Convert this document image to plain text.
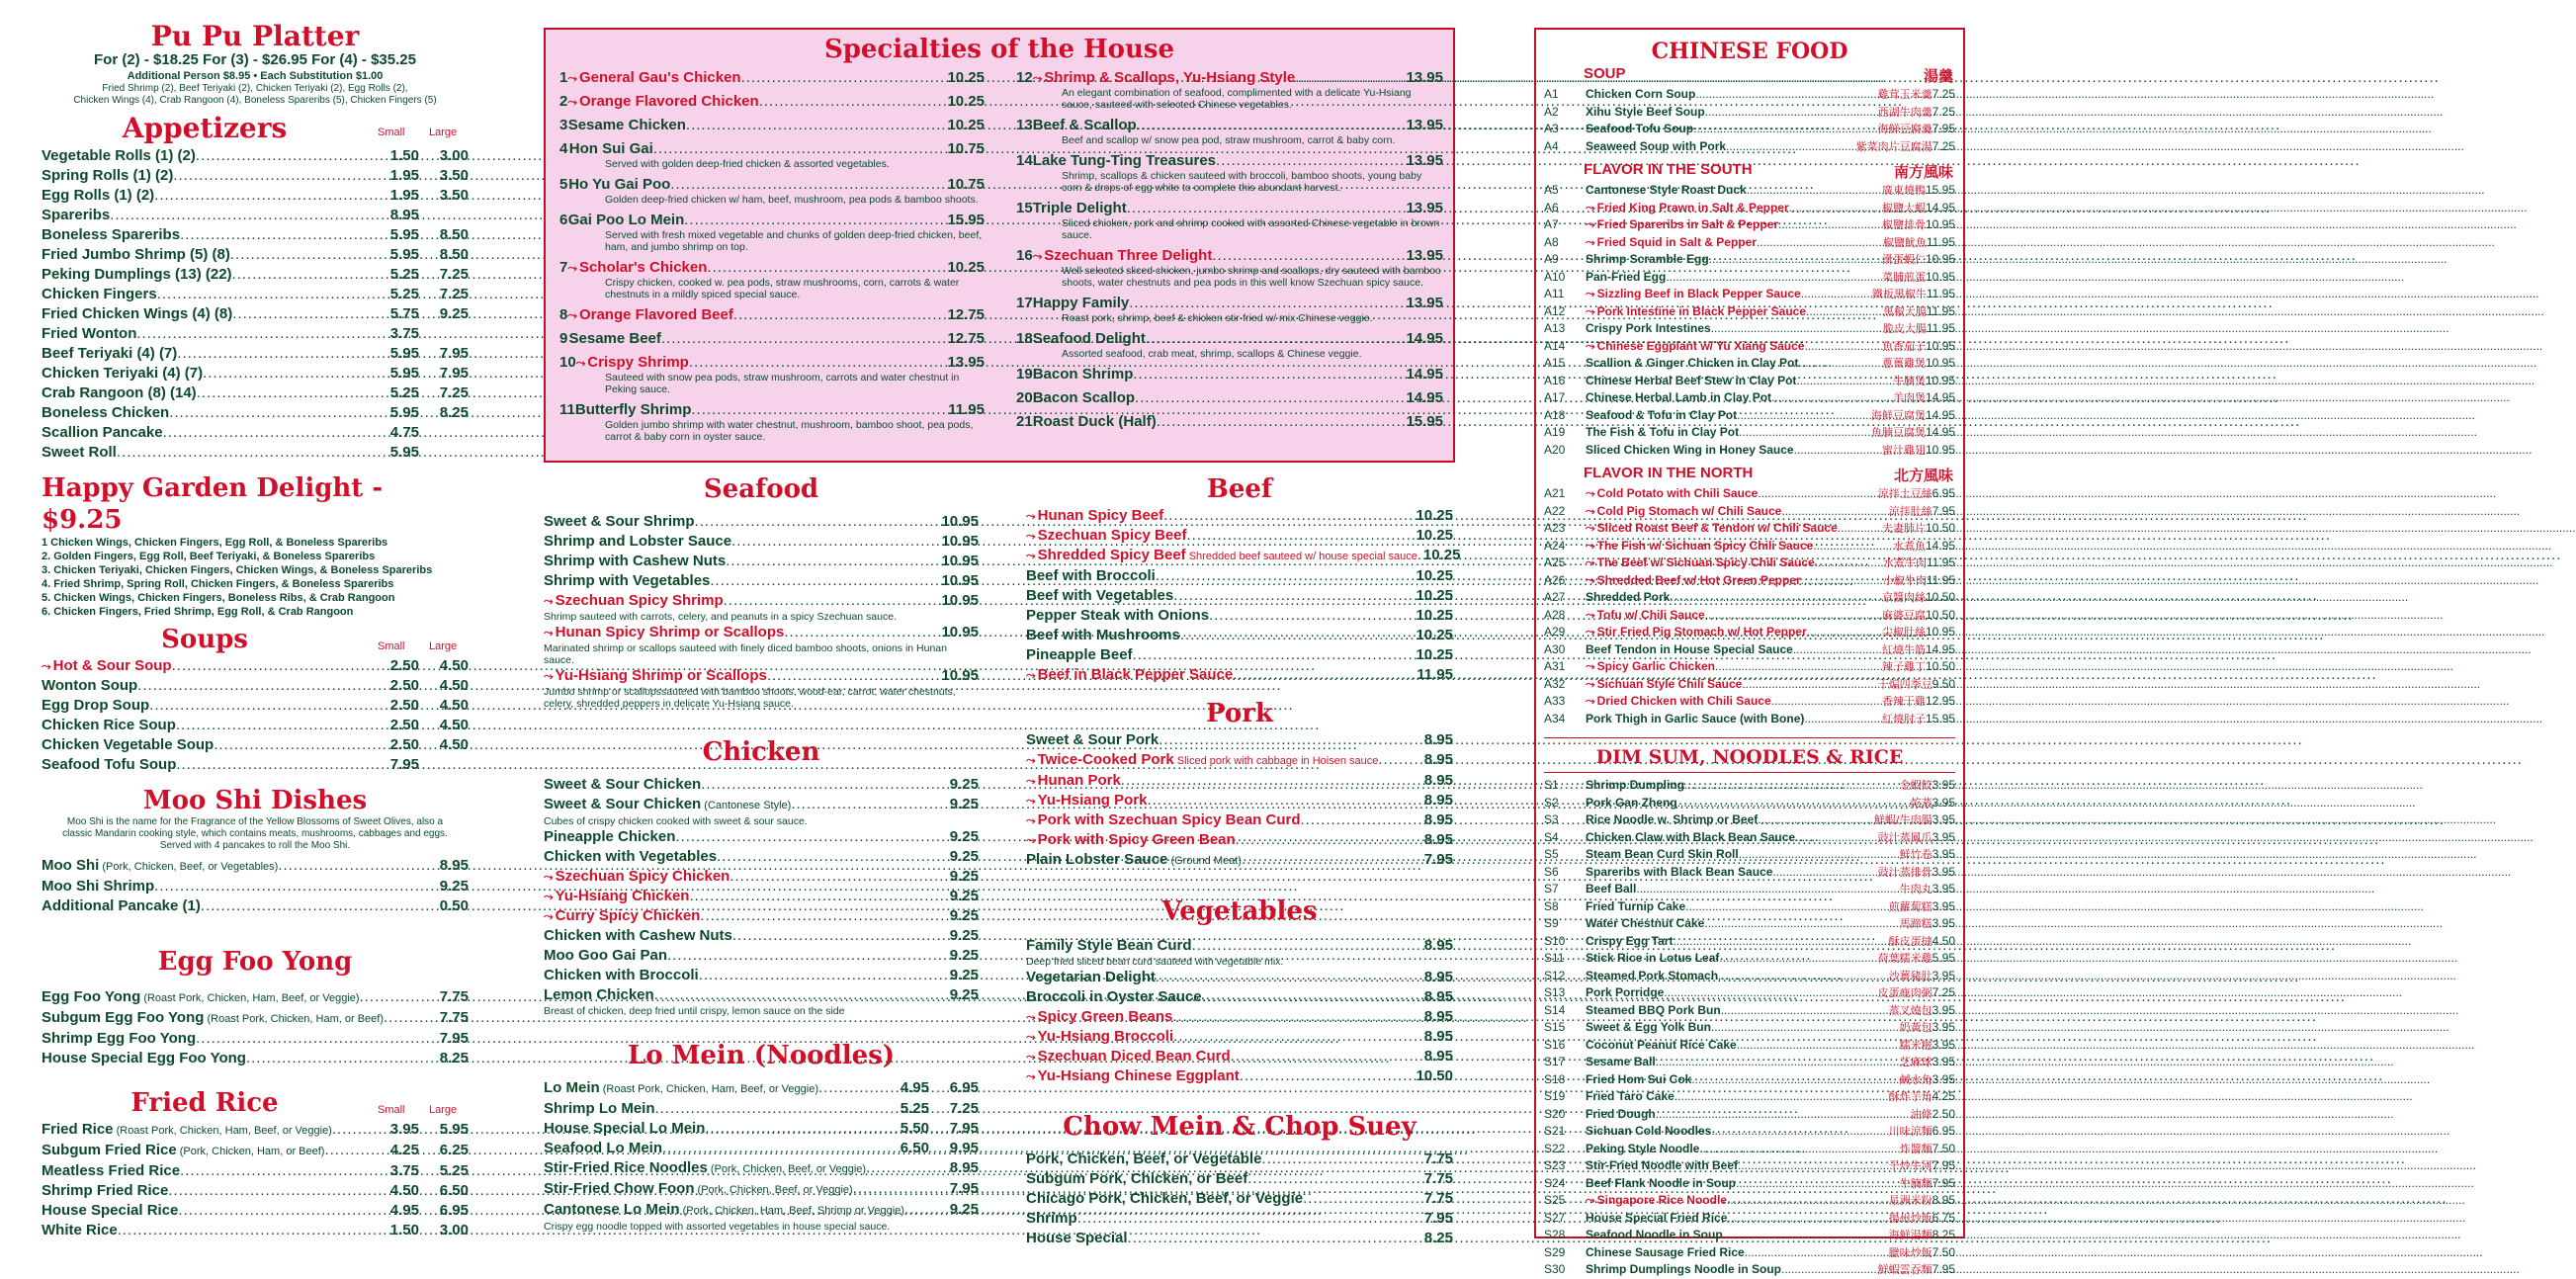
Pu Pu Platter
For (2) - $18.25 For (3) - $26.95 For (4) - $35.25
Additional Person $8.95 • Each Substitution $1.00
Fried Shrimp (2), Beef Teriyaki (2), Chicken Teriyaki (2), Egg Rolls (2),
Chicken Wings (4), Crab Rangoon (4), Boneless Spareribs (5), Chicken Fingers (5)
Appetizers	Small Large
Vegetable Rolls (1) (2) .....	1.50	3.00
Spring Rolls (1) (2) .....	1.95	3.50
Egg Rolls (1) (2) .....	1.95	3.50
Spareribs .....	8.95
Boneless Spareribs .....	5.95	8.50
Fried Jumbo Shrimp (5) (8) .....	5.95	8.50
Peking Dumplings (13) (22) .....	5.25	7.25
Chicken Fingers .....	5.25	7.25
Fried Chicken Wings (4) (8) .....	5.75	9.25
Fried Wonton .....	3.75
Beef Teriyaki (4) (7) .....	5.95	7.95
Chicken Teriyaki (4) (7) .....	5.95	7.95
Crab Rangoon (8) (14) .....	5.25	7.25
Boneless Chicken .....	5.95	8.25
Scallion Pancake .....	4.75
Sweet Roll .....	5.95
Happy Garden Delight - $9.25
1 Chicken Wings, Chicken Fingers, Egg Roll, & Boneless Spareribs
2. Golden Fingers, Egg Roll, Beef Teriyaki, & Boneless Spareribs
3. Chicken Teriyaki, Chicken Fingers, Chicken Wings, & Boneless Spareribs
4. Fried Shrimp, Spring Roll, Chicken Fingers, & Boneless Spareribs
5. Chicken Wings, Chicken Fingers, Boneless Ribs, & Crab Rangoon
6. Chicken Fingers, Fried Shrimp, Egg Roll, & Crab Rangoon
Soups	Small Large
⤳ Hot & Sour Soup .....	2.50	4.50
Wonton Soup .....	2.50	4.50
Egg Drop Soup .....	2.50	4.50
Chicken Rice Soup .....	2.50	4.50
Chicken Vegetable Soup .....	2.50	4.50
Seafood Tofu Soup .....	7.95
Moo Shi Dishes
Moo Shi is the name for the Fragrance of the Yellow Blossoms of Sweet Olives, also a classic Mandarin cooking style, which contains meats, mushrooms, cabbages and eggs. Served with 4 pancakes to roll the Moo Shi.
Moo Shi (Pork, Chicken, Beef, or Vegetables) .....	8.95
Moo Shi Shrimp .....	9.25
Additional Pancake (1) .....	0.50
Egg Foo Yong
Egg Foo Yong (Roast Pork, Chicken, Ham, Beef, or Veggie) .....	7.75
Subgum Egg Foo Yong (Roast Pork, Chicken, Ham, or Beef) .....	7.75
Shrimp Egg Foo Yong .....	7.95
House Special Egg Foo Yong .....	8.25
Fried Rice	Small Large
Fried Rice (Roast Pork, Chicken, Ham, Beef, or Veggie) .....	3.95	5.95
Subgum Fried Rice (Pork, Chicken, Ham, or Beef) .....	4.25	6.25
Meatless Fried Rice .....	3.75	5.25
Shrimp Fried Rice .....	4.50	6.50
House Special Rice .....	4.95	6.95
White Rice .....	1.50	3.00
Specialties of the House
1 ⤳ General Gau's Chicken .....	10.25
2 ⤳ Orange Flavored Chicken .....	10.25
3 Sesame Chicken .....	10.25
4 Hon Sui Gai .....	10.75
Served with golden deep-fried chicken & assorted vegetables.
5 Ho Yu Gai Poo .....	10.75
Golden deep-fried chicken w/ ham, beef, mushroom, pea pods & bamboo shoots.
6 Gai Poo Lo Mein .....	15.95
Served with fresh mixed vegetable and chunks of golden deep-fried chicken, beef, ham, and jumbo shrimp on top.
7 ⤳ Scholar's Chicken .....	10.25
Crispy chicken, cooked w. pea pods, straw mushrooms, corn, carrots & water chestnuts in a mildly spiced special sauce.
8 ⤳ Orange Flavored Beef .....	12.75
9 Sesame Beef .....	12.75
10 ⤳ Crispy Shrimp .....	13.95
Sauteed with snow pea pods, straw mushroom, carrots and water chestnut in Peking sauce.
11 Butterfly Shrimp .....	11.95
Golden jumbo shrimp with water chestnut, mushroom, bamboo shoot, pea pods, carrot & baby corn in oyster sauce.
12 ⤳ Shrimp & Scallops, Yu-Hsiang Style .....	13.95
An elegant combination of seafood, complimented with a delicate Yu-Hsiang sauce, sauteed with selected Chinese vegetables.
13 Beef & Scallop .....	13.95
Beef and scallop w/ snow pea pod, straw mushroom, carrot & baby corn.
14 Lake Tung-Ting Treasures .....	13.95
Shrimp, scallops & chicken sauteed with broccoli, bamboo shoots, young baby corn & drops of egg white to complete this abundant harvest.
15 Triple Delight .....	13.95
Sliced chicken, pork and shrimp cooked with assorted Chinese vegetable in brown sauce.
16 ⤳ Szechuan Three Delight .....	13.95
Well selected sliced chicken, jumbo shrimp and scallops, dry sauteed with bamboo shoots, water chestnuts and pea pods in this well know Szechuan spicy sauce.
17 Happy Family .....	13.95
Roast pork, shrimp, beef & chicken stir-fried w/ mix Chinese veggie.
18 Seafood Delight .....	14.95
Assorted seafood, crab meat, shrimp, scallops & Chinese veggie.
19 Bacon Shrimp .....	14.95
20 Bacon Scallop .....	14.95
21 Roast Duck (Half) .....	15.95
Seafood
Sweet & Sour Shrimp .....	10.95
Shrimp and Lobster Sauce .....	10.95
Shrimp with Cashew Nuts .....	10.95
Shrimp with Vegetables .....	10.95
⤳ Szechuan Spicy Shrimp .....	10.95
Shrimp sauteed with carrots, celery, and peanuts in a spicy Szechuan sauce.
⤳ Hunan Spicy Shrimp or Scallops .....	10.95
Marinated shrimp or scallops sauteed with finely diced bamboo shoots, onions in Hunan sauce.
⤳ Yu-Hsiang Shrimp or Scallops .....	10.95
Jumbo shrimp or scallopssauteed with bamboo shoots, wood-ear, carrot, water chestnuts, celery, shredded peppers in delicate Yu-Hsiang sauce.
Chicken
Sweet & Sour Chicken .....	9.25
Sweet & Sour Chicken (Cantonese Style) .....	9.25
Cubes of crispy chicken cooked with sweet & sour sauce.
Pineapple Chicken .....	9.25
Chicken with Vegetables .....	9.25
⤳ Szechuan Spicy Chicken .....	9.25
⤳ Yu-Hsiang Chicken .....	9.25
⤳ Curry Spicy Chicken .....	9.25
Chicken with Cashew Nuts .....	9.25
Moo Goo Gai Pan .....	9.25
Chicken with Broccoli .....	9.25
Lemon Chicken .....	9.25
Breast of chicken, deep fried until crispy, lemon sauce on the side
Lo Mein (Noodles)
Lo Mein (Roast Pork, Chicken, Ham, Beef, or Veggie) .....	4.95	6.95
Shrimp Lo Mein .....	5.25	7.25
House Special Lo Mein .....	5.50	7.95
Seafood Lo Mein .....	6.50	9.95
Stir-Fried Rice Noodles (Pork, Chicken, Beef, or Veggie) .....	8.95
Stir-Fried Chow Foon (Pork, Chicken, Beef, or Veggie) .....	7.95
Cantonese Lo Mein (Pork, Chicken, Ham, Beef, Shrimp or Veggie) .....	9.25
Crispy egg noodle topped with assorted vegetables in house special sauce.
Beef
⤳ Hunan Spicy Beef .....	10.25
⤳ Szechuan Spicy Beef .....	10.25
⤳ Shredded Spicy Beef Shredded beef sauteed w/ house special sauce ..... 10.25
Beef with Broccoli .....	10.25
Beef with Vegetables .....	10.25
Pepper Steak with Onions .....	10.25
Beef with Mushrooms .....	10.25
Pineapple Beef .....	10.25
⤳ Beef in Black Pepper Sauce .....	11.95
Pork
Sweet & Sour Pork .....	8.95
⤳ Twice-Cooked Pork Sliced pork with cabbage in Hoisen sauce .....	8.95
⤳ Hunan Pork .....	8.95
⤳ Yu-Hsiang Pork .....	8.95
⤳ Pork with Szechuan Spicy Bean Curd .....	8.95
⤳ Pork with Spicy Green Bean .....	8.95
Plain Lobster Sauce (Ground Meat) .....	7.95
Vegetables
Family Style Bean Curd .....	8.95
Deep fried sliced bean curd sauteed with vegetable mix.
Vegetarian Delight .....	8.95
Broccoli in Oyster Sauce .....	8.95
⤳ Spicy Green Beans .....	8.95
⤳ Yu-Hsiang Broccoli .....	8.95
⤳ Szechuan Diced Bean Curd .....	8.95
⤳ Yu-Hsiang Chinese Eggplant .....	10.50
Chow Mein & Chop Suey
Pork, Chicken, Beef, or Vegetable .....	7.75
Subgum Pork, Chicken, or Beef .....	7.75
Chicago Pork, Chicken, Beef, or Veggie .....	7.75
Shrimp .....	7.95
House Special .....	8.25
CHINESE FOOD
SOUP	湯羹
A1	Chicken Corn Soup .....	雞茸玉米羹 7.25
A2	Xihu Style Beef Soup .....	西湖牛肉羹 7.25
A3	Seafood Tofu Soup .....	海鮮豆腐羹 7.95
A4	Seaweed Soup with Pork .....	紫菜肉片豆腐湯 7.25
FLAVOR IN THE SOUTH	南方風味
A5	Cantonese Style Roast Duck .....	廣東燒鴨 15.95
A6	⤳ Fried King Prawn in Salt & Pepper .....	椒鹽大蝦 14.95
A7	⤳ Fried Spareribs in Salt & Pepper .....	椒鹽排骨 10.95
A8	⤳ Fried Squid in Salt & Pepper .....	椒鹽魷魚 11.95
A9	Shrimp Scramble Egg .....	滑蛋蝦仁 10.95
A10	Pan-Fried Egg .....	菜脯煎蛋 10.95
A11	⤳ Sizzling Beef in Black Pepper Sauce .....	鐵板黑椒牛 11.95
A12	⤳ Pork Intestine in Black Pepper Sauce .....	黑椒大腸 11.95
A13	Crispy Pork Intestines .....	脆皮大腸 11.95
A14	⤳ Chinese Eggplant w/ Yu Xiang Sauce .....	魚香茄子 10.95
A15	Scallion & Ginger Chicken in Clay Pot .....	蔥薑雞煲 10.95
A16	Chinese Herbal Beef Stew in Clay Pot .....	牛腩煲 10.95
A17	Chinese Herbal Lamb in Clay Pot .....	羊肉煲 14.95
A18	Seafood & Tofu in Clay Pot .....	海鮮豆腐煲 14.95
A19	The Fish & Tofu in Clay Pot .....	魚腩豆腐煲 14.95
A20	Sliced Chicken Wing in Honey Sauce .....	蜜汁雞翅 10.95
FLAVOR IN THE NORTH	北方風味
A21	⤳ Cold Potato with Chili Sauce .....	涼拌土豆絲 6.95
A22	⤳ Cold Pig Stomach w/ Chili Sauce .....	涼拌肚絲 7.95
A23	⤳ Sliced Roast Beef & Tendon w/ Chili Sauce .....	夫妻肺片 10.50
A24	⤳ The Fish w/ Sichuan Spicy Chili Sauce .....	水煮魚 14.95
A25	⤳ The Beef w/ Sichuan Spicy Chili Sauce .....	水煮牛肉 11.95
A26	⤳ Shredded Beef w/ Hot Green Pepper .....	小椒牛肉 11.95
A27	Shredded Pork .....	京醬肉絲 10.50
A28	⤳ Tofu w/ Chili Sauce .....	麻婆豆腐 10.50
A29	⤳ Stir Fried Pig Stomach w/ Hot Pepper .....	尖椒肚絲 10.95
A30	Beef Tendon in House Special Sauce .....	紅燒牛筋 14.95
A31	⤳ Spicy Garlic Chicken .....	辣子雞丁 10.50
A32	⤳ Sichuan Style Chili Sauce .....	干煸四季豆 9.50
A33	⤳ Dried Chicken with Chili Sauce .....	香辣干雞 12.95
A34	Pork Thigh in Garlic Sauce (with Bone) .....	紅燒肘子 15.95
DIM SUM, NOODLES & RICE
S1	Shrimp Dumpling .....	金蝦餃 3.95
S2	Pork Gan Zheng .....	乾蒸 3.95
S3	Rice Noodle w. Shrimp or Beef .....	鮮蝦/牛肉腸 3.95
S4	Chicken Claw with Black Bean Sauce .....	豉汁蒸鳳爪 3.95
S5	Steam Bean Curd Skin Roll .....	鮮竹卷 3.95
S6	Spareribs with Black Bean Sauce .....	豉汁蒸排骨 3.95
S7	Beef Ball .....	牛肉丸 3.95
S8	Fried Turnip Cake .....	煎蘿蔔糕 3.95
S9	Water Chestnut Cake .....	馬蹄糕 3.95
S10	Crispy Egg Tart .....	酥皮蛋撻 4.50
S11	Stick Rice in Lotus Leaf .....	荷葉糯米雞 5.95
S12	Steamed Pork Stomach .....	沙薑豬肚 3.95
S13	Pork Porridge .....	皮蛋瘦肉粥 7.25
S14	Steamed BBQ Pork Bun .....	蒸叉燒包 3.95
S15	Sweet & Egg Yolk Bun .....	奶黃包 3.95
S16	Coconut Peanut Rice Cake .....	糯米糍 3.95
S17	Sesame Ball .....	芝麻球 3.95
S18	Fried Hom Sui Cok .....	鹹水角 3.95
S19	Fried Taro Cake .....	酥炸芋角 4.25
S20	Fried Dough .....	油條 2.50
S21	Sichuan Cold Noodles .....	川味涼麵 6.95
S22	Peking Style Noodle .....	炸醬麵 7.50
S23	Stir-Fried Noodle with Beef .....	干炒牛河 7.95
S24	Beef Flank Noodle in Soup .....	牛腩麵 7.95
S25	⤳ Singapore Rice Noodle .....	星洲米粉 8.95
S27	House Special Fried Rice .....	揚州炒飯 6.75
S28	Seafood Noodle in Soup .....	海鮮湯麵 8.25
S29	Chinese Sausage Fried Rice .....	臘味炒飯 7.50
S30	Shrimp Dumplings Noodle in Soup .....	鮮蝦雲吞麵 7.95
